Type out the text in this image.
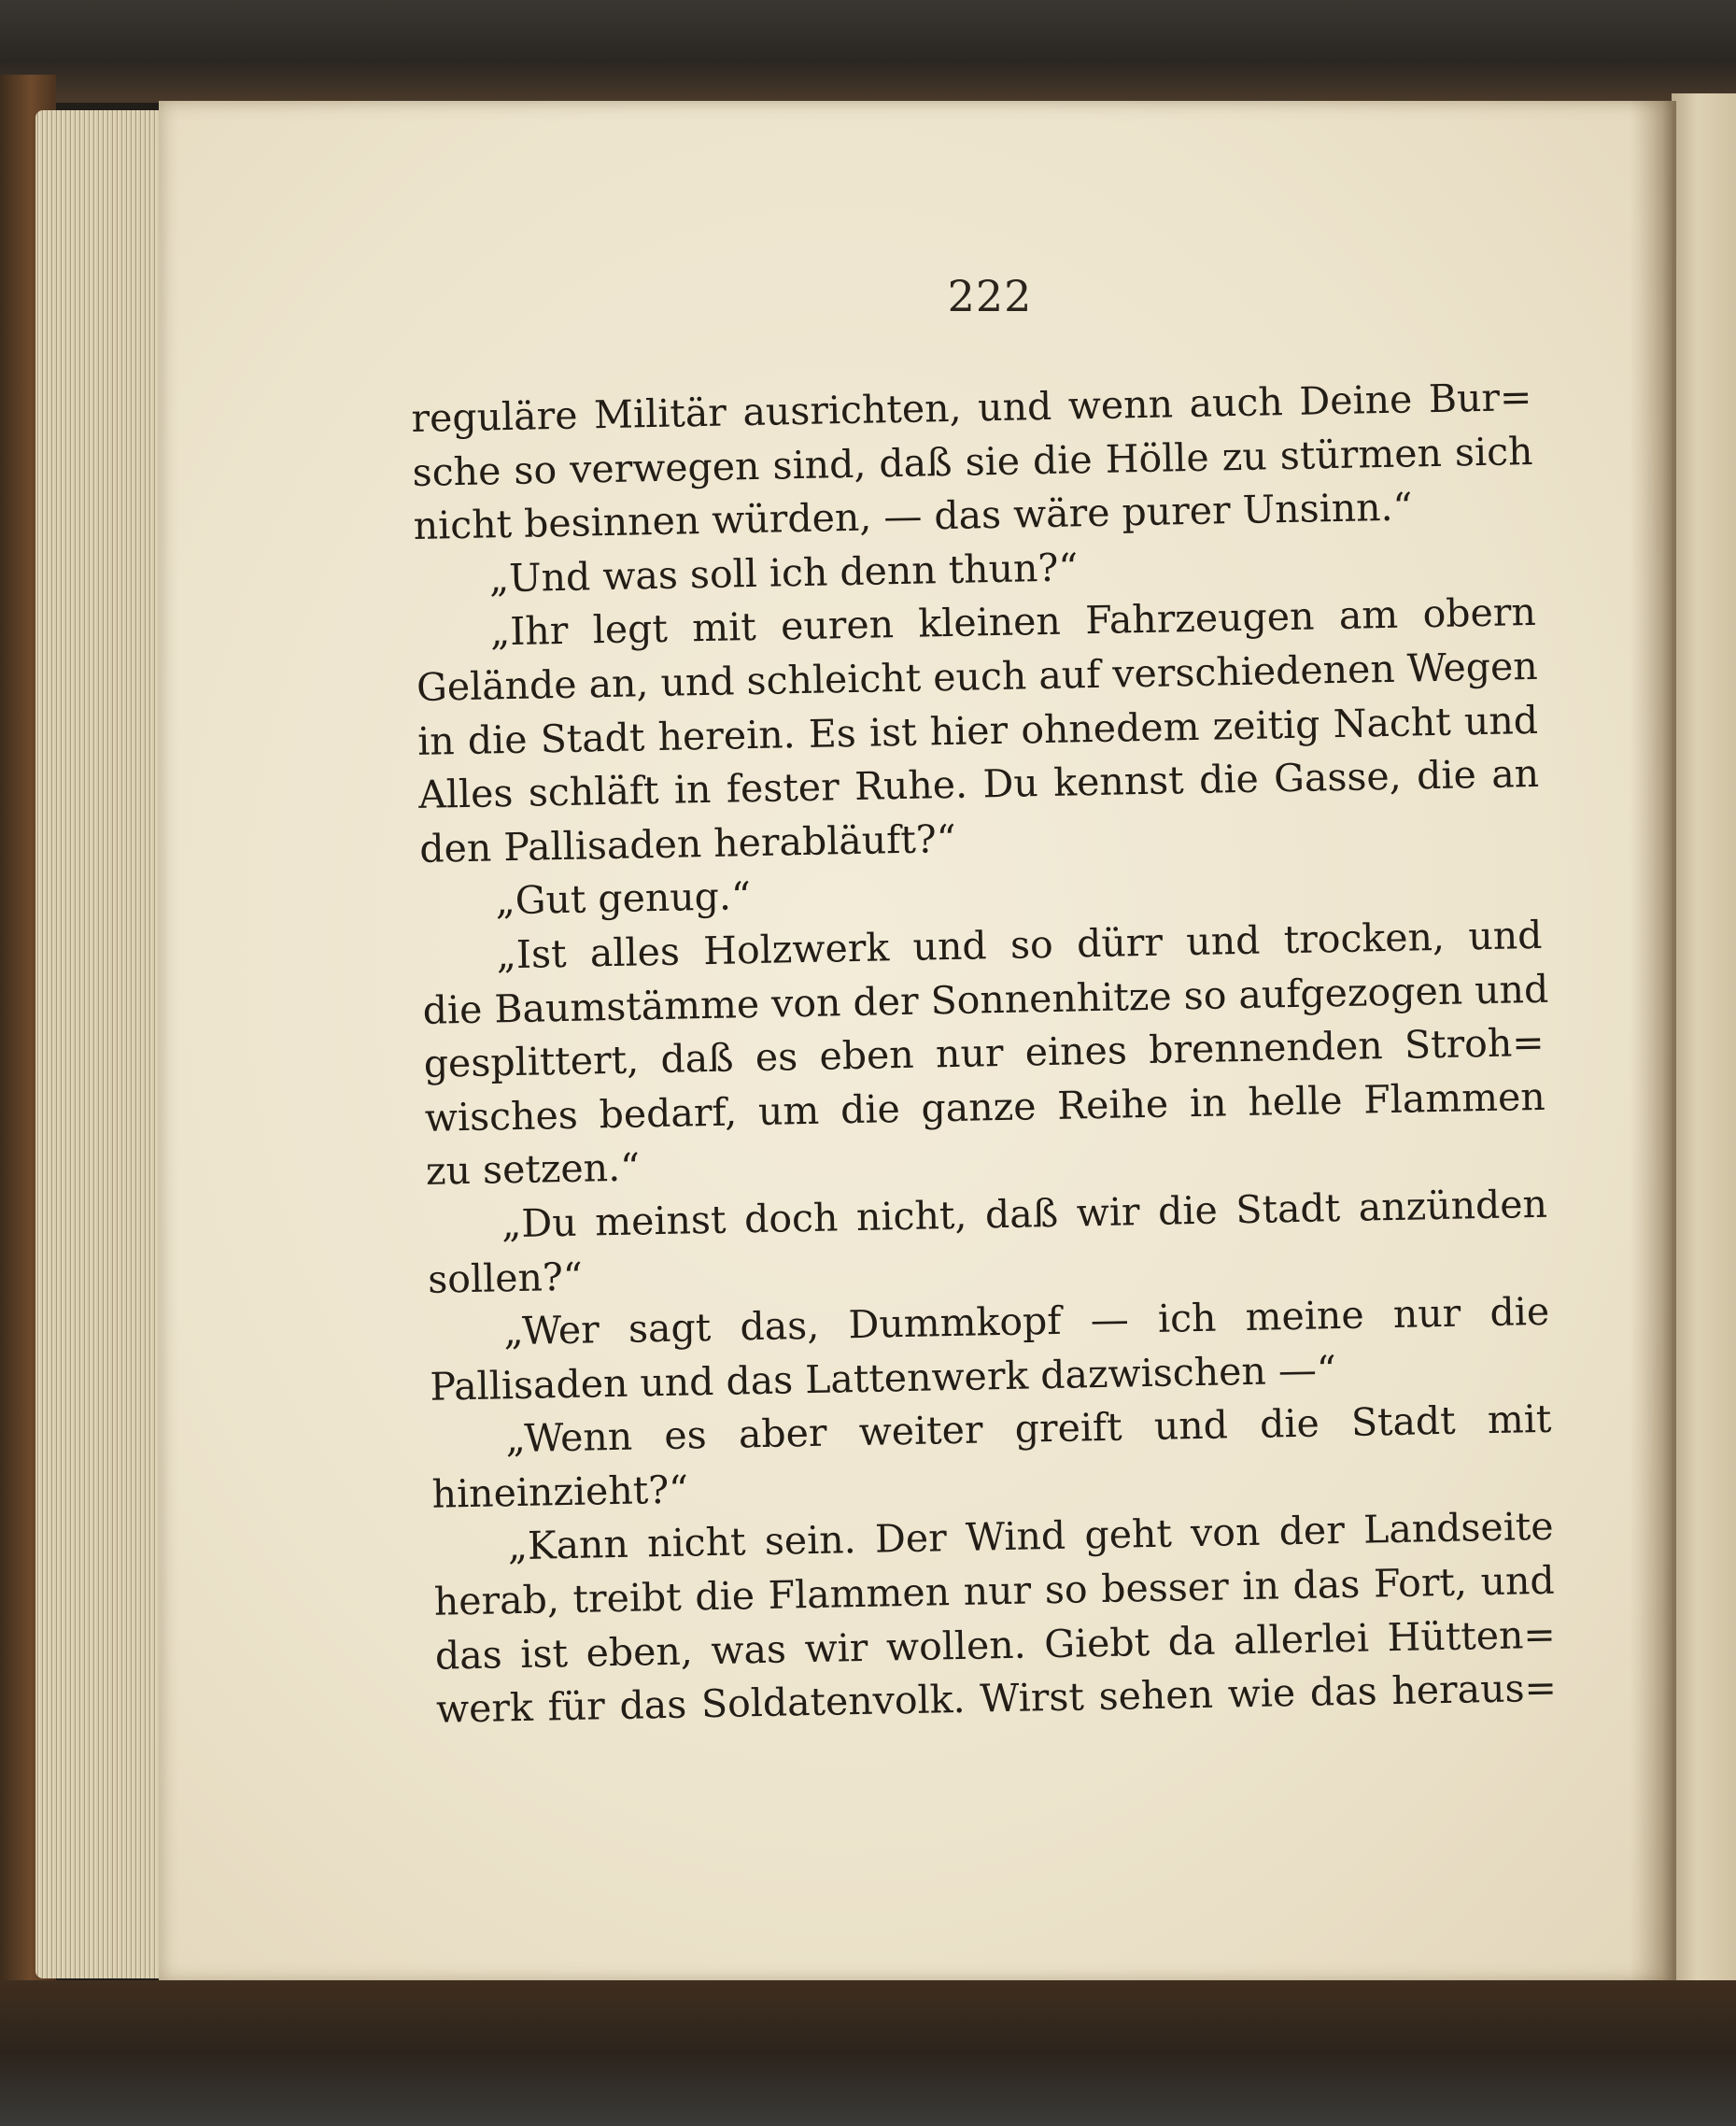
222
reguläre Militär ausrichten, und wenn auch Deine Bur=
sche so verwegen sind, daß sie die Hölle zu stürmen sich
nicht besinnen würden, — das wäre purer Unsinn.“
„Und was soll ich denn thun?“
„Ihr legt mit euren kleinen Fahrzeugen am obern
Gelände an, und schleicht euch auf verschiedenen Wegen
in die Stadt herein. Es ist hier ohnedem zeitig Nacht und
Alles schläft in fester Ruhe. Du kennst die Gasse, die an
den Pallisaden herabläuft?“
„Gut genug.“
„Ist alles Holzwerk und so dürr und trocken, und
die Baumstämme von der Sonnenhitze so aufgezogen und
gesplittert, daß es eben nur eines brennenden Stroh=
wisches bedarf, um die ganze Reihe in helle Flammen
zu setzen.“
„Du meinst doch nicht, daß wir die Stadt anzünden
sollen?“
„Wer sagt das, Dummkopf — ich meine nur die
Pallisaden und das Lattenwerk dazwischen —“
„Wenn es aber weiter greift und die Stadt mit
hineinzieht?“
„Kann nicht sein. Der Wind geht von der Landseite
herab, treibt die Flammen nur so besser in das Fort, und
das ist eben, was wir wollen. Giebt da allerlei Hütten=
werk für das Soldatenvolk. Wirst sehen wie das heraus=
